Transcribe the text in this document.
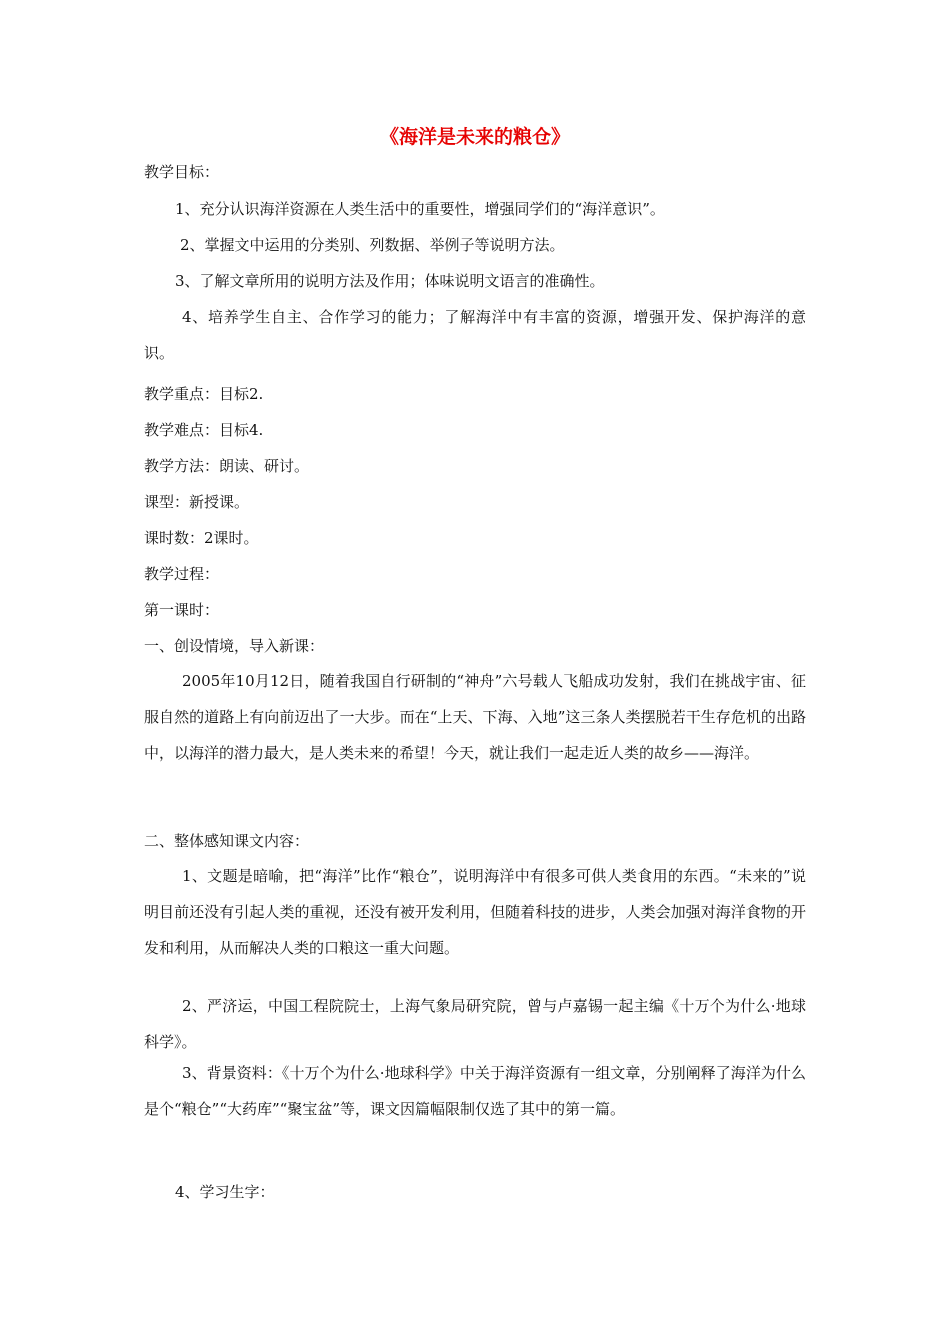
《海洋是未来的粮仓》
教学目标：
1、充分认识海洋资源在人类生活中的重要性，增强同学们的“海洋意识”。
2、掌握文中运用的分类别、列数据、举例子等说明方法。
3、了解文章所用的说明方法及作用；体味说明文语言的准确性。

4、培养学生自主、合作学习的能力；了解海洋中有丰富的资源，增强开发、保护海洋的意识。

教学重点：目标2.
教学难点：目标4.
教学方法：朗读、研讨。
课型：新授课。
课时数：2课时。
教学过程：
第一课时：
一、创设情境，导入新课：

2005年10月12日，随着我国自行研制的“神舟”六号载人飞船成功发射，我们在挑战宇宙、征服自然的道路上有向前迈出了一大步。而在“上天、下海、入地”这三条人类摆脱若干生存危机的出路中，以海洋的潜力最大，是人类未来的希望！今天，就让我们一起走近人类的故乡——海洋。

二、整体感知课文内容：

1、文题是暗喻，把“海洋”比作“粮仓”，说明海洋中有很多可供人类食用的东西。“未来的”说明目前还没有引起人类的重视，还没有被开发利用，但随着科技的进步，人类会加强对海洋食物的开发和利用，从而解决人类的口粮这一重大问题。

2、严济运，中国工程院院士，上海气象局研究院，曾与卢嘉锡一起主编《十万个为什么·地球科学》。

3、背景资料：《十万个为什么·地球科学》中关于海洋资源有一组文章，分别阐释了海洋为什么是个“粮仓”“大药库”“聚宝盆”等，课文因篇幅限制仅选了其中的第一篇。

4、学习生字：
